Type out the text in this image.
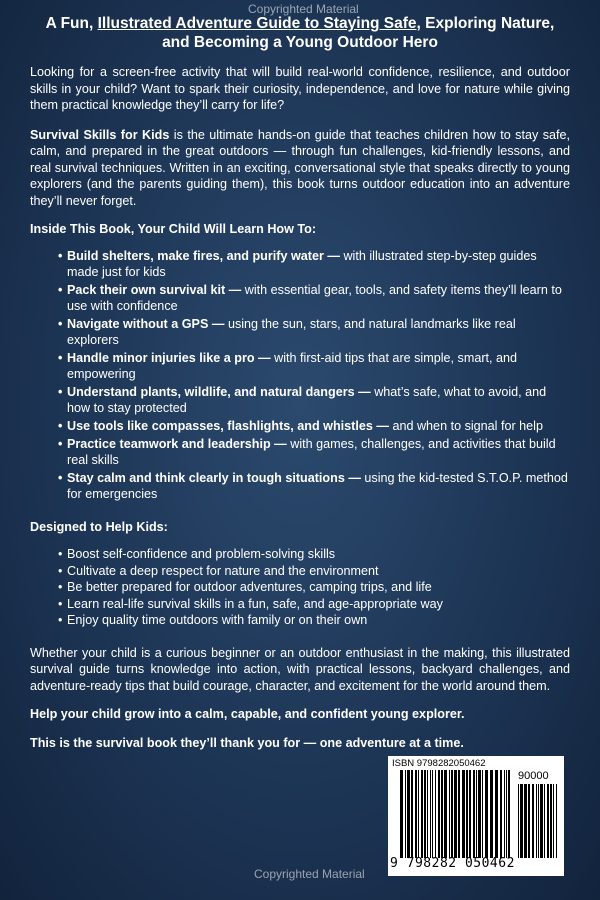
Copyrighted Material
A Fun, Illustrated Adventure Guide to Staying Safe, Exploring Nature, and Becoming a Young Outdoor Hero

Looking for a screen-free activity that will build real-world confidence, resilience, and outdoor skills in your child? Want to spark their curiosity, independence, and love for nature while giving them practical knowledge they’ll carry for life?

Survival Skills for Kids is the ultimate hands-on guide that teaches children how to stay safe, calm, and prepared in the great outdoors — through fun challenges, kid-friendly lessons, and real survival techniques. Written in an exciting, conversational style that speaks directly to young explorers (and the parents guiding them), this book turns outdoor education into an adventure they’ll never forget.

Inside This Book, Your Child Will Learn How To:
• Build shelters, make fires, and purify water — with illustrated step-by-step guides made just for kids
• Pack their own survival kit — with essential gear, tools, and safety items they’ll learn to use with confidence
• Navigate without a GPS — using the sun, stars, and natural landmarks like real explorers
• Handle minor injuries like a pro — with first-aid tips that are simple, smart, and empowering
• Understand plants, wildlife, and natural dangers — what’s safe, what to avoid, and how to stay protected
• Use tools like compasses, flashlights, and whistles — and when to signal for help
• Practice teamwork and leadership — with games, challenges, and activities that build real skills
• Stay calm and think clearly in tough situations — using the kid-tested S.T.O.P. method for emergencies
Designed to Help Kids:
• Boost self-confidence and problem-solving skills
• Cultivate a deep respect for nature and the environment
• Be better prepared for outdoor adventures, camping trips, and life
• Learn real-life survival skills in a fun, safe, and age-appropriate way
• Enjoy quality time outdoors with family or on their own

Whether your child is a curious beginner or an outdoor enthusiast in the making, this illustrated survival guide turns knowledge into action, with practical lessons, backyard challenges, and adventure-ready tips that build courage, character, and excitement for the world around them.

Help your child grow into a calm, capable, and confident young explorer.
This is the survival book they’ll thank you for — one adventure at a time.
ISBN 9798282050462
90000
9 798282 050462
Copyrighted Material
